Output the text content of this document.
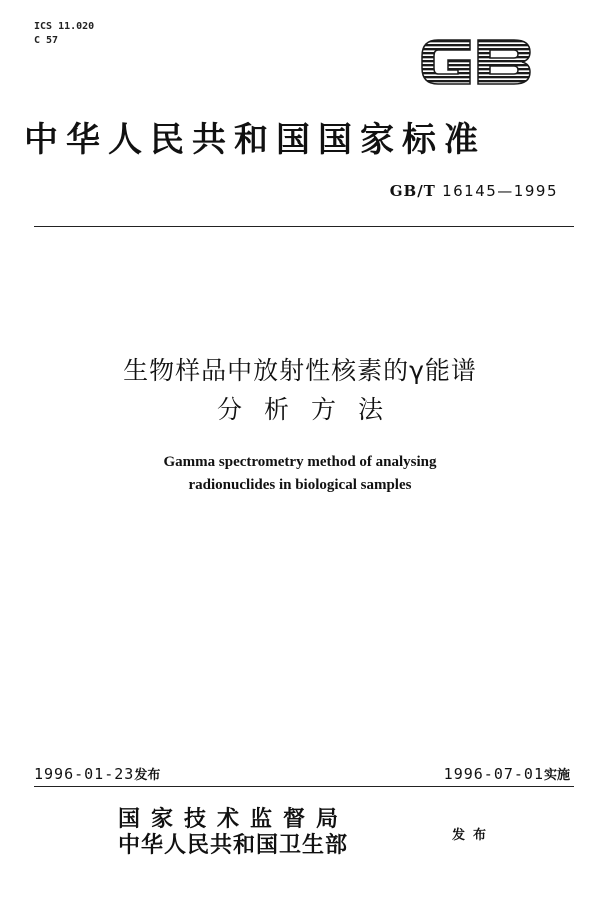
ICS 11.020
C 57
中华人民共和国国家标准
GB/T 16145—1995
生物样品中放射性核素的γ能谱
分析方法
Gamma spectrometry method of analysing
radionuclides in biological samples
1996-01-23发布	1996-07-01实施
国家技术监督局
中华人民共和国卫生部	发布
